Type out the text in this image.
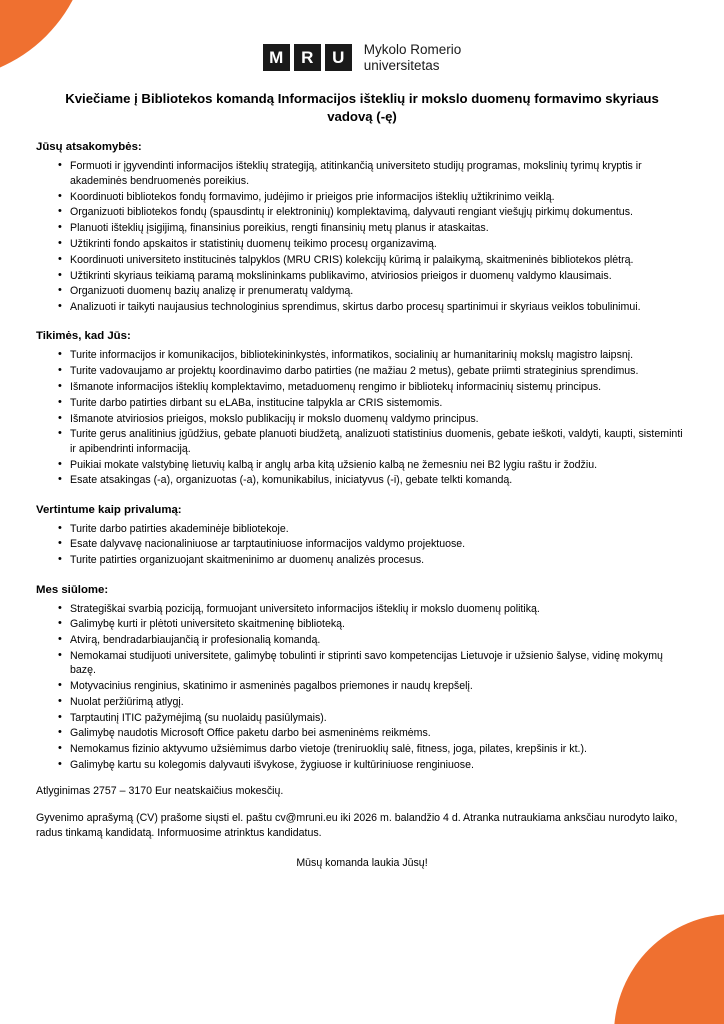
M	R	U	Mykolo Romerio
universitetas
Kviečiame į Bibliotekos komandą Informacijos išteklių ir mokslo duomenų formavimo skyriaus vadovą (-ę)
Jūsų atsakomybės:
• Formuoti ir įgyvendinti informacijos išteklių strategiją, atitinkančią universiteto studijų programas, mokslinių tyrimų kryptis ir akademinės bendruomenės poreikius.
• Koordinuoti bibliotekos fondų formavimo, judėjimo ir prieigos prie informacijos išteklių užtikrinimo veiklą.
• Organizuoti bibliotekos fondų (spausdintų ir elektroninių) komplektavimą, dalyvauti rengiant viešųjų pirkimų dokumentus.
• Planuoti išteklių įsigijimą, finansinius poreikius, rengti finansinių metų planus ir ataskaitas.
• Užtikrinti fondo apskaitos ir statistinių duomenų teikimo procesų organizavimą.
• Koordinuoti universiteto institucinės talpyklos (MRU CRIS) kolekcijų kūrimą ir palaikymą, skaitmeninės bibliotekos plėtrą.
• Užtikrinti skyriaus teikiamą paramą mokslininkams publikavimo, atviriosios prieigos ir duomenų valdymo klausimais.
• Organizuoti duomenų bazių analizę ir prenumeratų valdymą.
• Analizuoti ir taikyti naujausius technologinius sprendimus, skirtus darbo procesų spartinimui ir skyriaus veiklos tobulinimui.
Tikimės, kad Jūs:
• Turite informacijos ir komunikacijos, bibliotekininkystės, informatikos, socialinių ar humanitarinių mokslų magistro laipsnį.
• Turite vadovaujamo ar projektų koordinavimo darbo patirties (ne mažiau 2 metus), gebate priimti strateginius sprendimus.
• Išmanote informacijos išteklių komplektavimo, metaduomenų rengimo ir bibliotekų informacinių sistemų principus.
• Turite darbo patirties dirbant su eLABa, institucine talpykla ar CRIS sistemomis.
• Išmanote atviriosios prieigos, mokslo publikacijų ir mokslo duomenų valdymo principus.
• Turite gerus analitinius įgūdžius, gebate planuoti biudžetą, analizuoti statistinius duomenis, gebate ieškoti, valdyti, kaupti, sisteminti ir apibendrinti informaciją.
• Puikiai mokate valstybinę lietuvių kalbą ir anglų arba kitą užsienio kalbą ne žemesniu nei B2 lygiu raštu ir žodžiu.
• Esate atsakingas (-a), organizuotas (-a), komunikabilus, iniciatyvus (-i), gebate telkti komandą.
Vertintume kaip privalumą:
• Turite darbo patirties akademinėje bibliotekoje.
• Esate dalyvavę nacionaliniuose ar tarptautiniuose informacijos valdymo projektuose.
• Turite patirties organizuojant skaitmeninimo ar duomenų analizės procesus.
Mes siūlome:
• Strategiškai svarbią poziciją, formuojant universiteto informacijos išteklių ir mokslo duomenų politiką.
• Galimybę kurti ir plėtoti universiteto skaitmeninę biblioteką.
• Atvirą, bendradarbiaujančią ir profesionalią komandą.
• Nemokamai studijuoti universitete, galimybę tobulinti ir stiprinti savo kompetencijas Lietuvoje ir užsienio šalyse, vidinę mokymų bazę.
• Motyvacinius renginius, skatinimo ir asmeninės pagalbos priemones ir naudų krepšelį.
• Nuolat peržiūrimą atlygį.
• Tarptautinį ITIC pažymėjimą (su nuolaidų pasiūlymais).
• Galimybę naudotis Microsoft Office paketu darbo bei asmeninėms reikmėms.
• Nemokamus fizinio aktyvumo užsiėmimus darbo vietoje (treniruoklių salė, fitness, joga, pilates, krepšinis ir kt.).
• Galimybę kartu su kolegomis dalyvauti išvykose, žygiuose ir kultūriniuose renginiuose.

Atlyginimas 2757 – 3170 Eur neatskaičius mokesčių.

Gyvenimo aprašymą (CV) prašome siųsti el. paštu cv@mruni.eu iki 2026 m. balandžio 4 d. Atranka nutraukiama anksčiau nurodyto laiko, radus tinkamą kandidatą. Informuosime atrinktus kandidatus.

Mūsų komanda laukia Jūsų!
